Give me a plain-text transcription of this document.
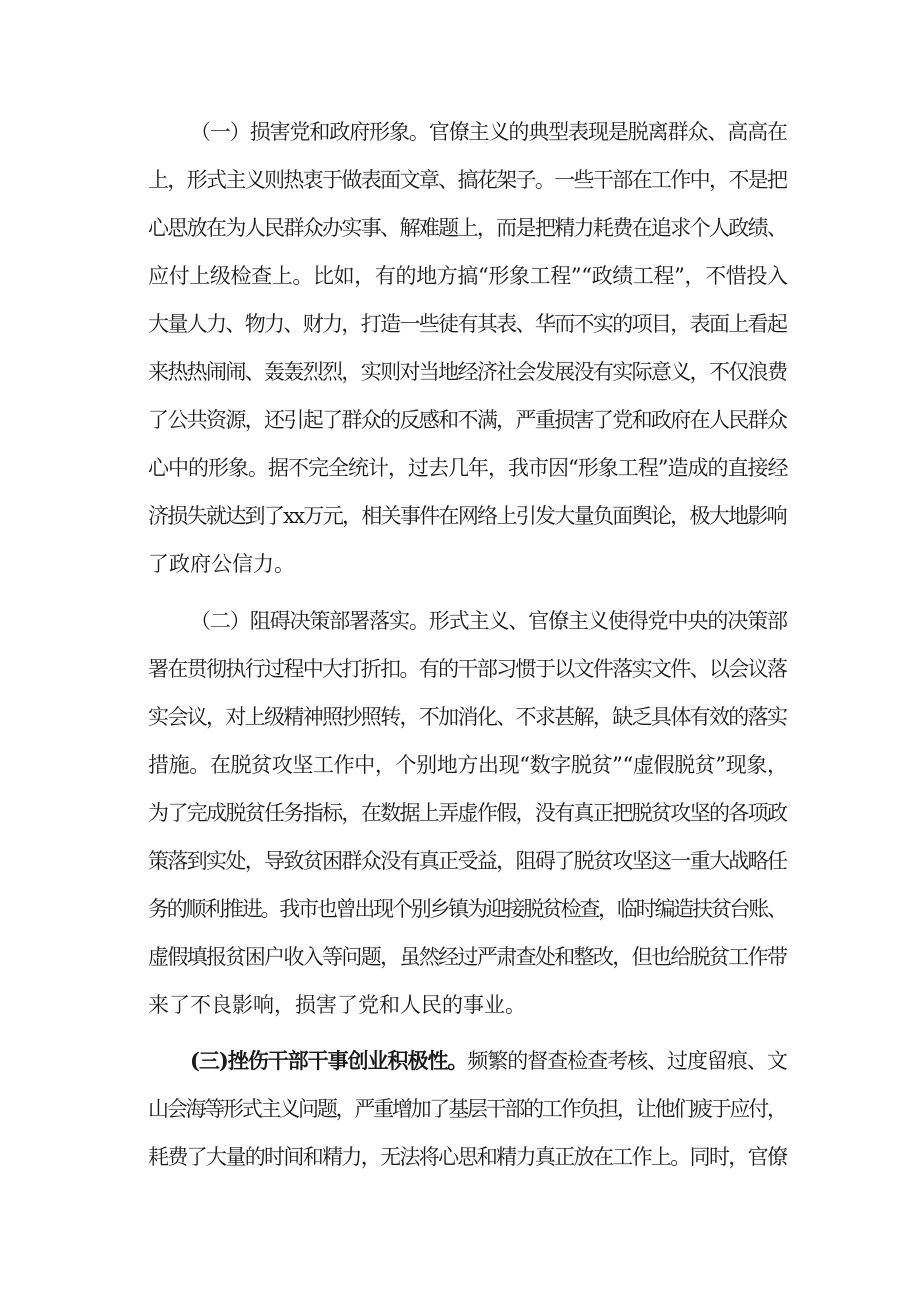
（一）损害党和政府形象。官僚主义的典型表现是脱离群众、高高在
上，形式主义则热衷于做表面文章、搞花架子。一些干部在工作中，不是把
心思放在为人民群众办实事、解难题上，而是把精力耗费在追求个人政绩、
应付上级检查上。比如，有的地方搞“形象工程”“政绩工程”，不惜投入
大量人力、物力、财力，打造一些徒有其表、华而不实的项目，表面上看起
来热热闹闹、轰轰烈烈，实则对当地经济社会发展没有实际意义，不仅浪费
了公共资源，还引起了群众的反感和不满，严重损害了党和政府在人民群众
心中的形象。据不完全统计，过去几年，我市因“形象工程”造成的直接经
济损失就达到了xx万元，相关事件在网络上引发大量负面舆论，极大地影响
了政府公信力。
（二）阻碍决策部署落实。形式主义、官僚主义使得党中央的决策部
署在贯彻执行过程中大打折扣。有的干部习惯于以文件落实文件、以会议落
实会议，对上级精神照抄照转，不加消化、不求甚解，缺乏具体有效的落实
措施。在脱贫攻坚工作中，个别地方出现“数字脱贫”“虚假脱贫”现象，
为了完成脱贫任务指标，在数据上弄虚作假，没有真正把脱贫攻坚的各项政
策落到实处，导致贫困群众没有真正受益，阻碍了脱贫攻坚这一重大战略任
务的顺利推进。我市也曾出现个别乡镇为迎接脱贫检查，临时编造扶贫台账、
虚假填报贫困户收入等问题，虽然经过严肃查处和整改，但也给脱贫工作带
来了不良影响，损害了党和人民的事业。
(三)挫伤干部干事创业积极性。频繁的督查检查考核、过度留痕、文
山会海等形式主义问题，严重增加了基层干部的工作负担，让他们疲于应付，
耗费了大量的时间和精力，无法将心思和精力真正放在工作上。同时，官僚
